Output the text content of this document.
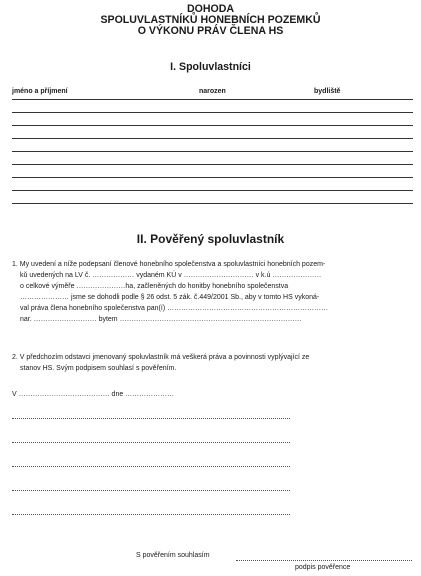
DOHODA
SPOLUVLASTNÍKŮ HONEBNÍCH POZEMKŮ
O VÝKONU PRÁV ČLENA HS
I. Spoluvlastníci
jméno a příjmení	narozen	bydliště
II. Pověřený spoluvlastník
1. My uvedení a níže podepsaní členové honebního společenstva a spoluvlastníci honebních pozem-
kŭ uvedených na LV č. ……………… vydaném KÚ v ………………………… v k.ú …………………
o celkové výměře …………………ha, začleněných do honitby honebního společenstva
………………… jsme se dohodli podle § 26 odst. 5 zák. č.449/2001 Sb., aby v tomto HS vykoná-
val práva člena honebního společenstva pan(í) ……………………………………………………………
nar. ……………………… bytem ……………………………………………………………………
2. V předchozím odstavci jmenovaný spoluvlastník má veškerá práva a povinnosti vyplývající ze
stanov HS. Svým podpisem souhlasí s pověřením.
V ………………………………… dne …………………
S pověřením souhlasím
podpis pověřence
